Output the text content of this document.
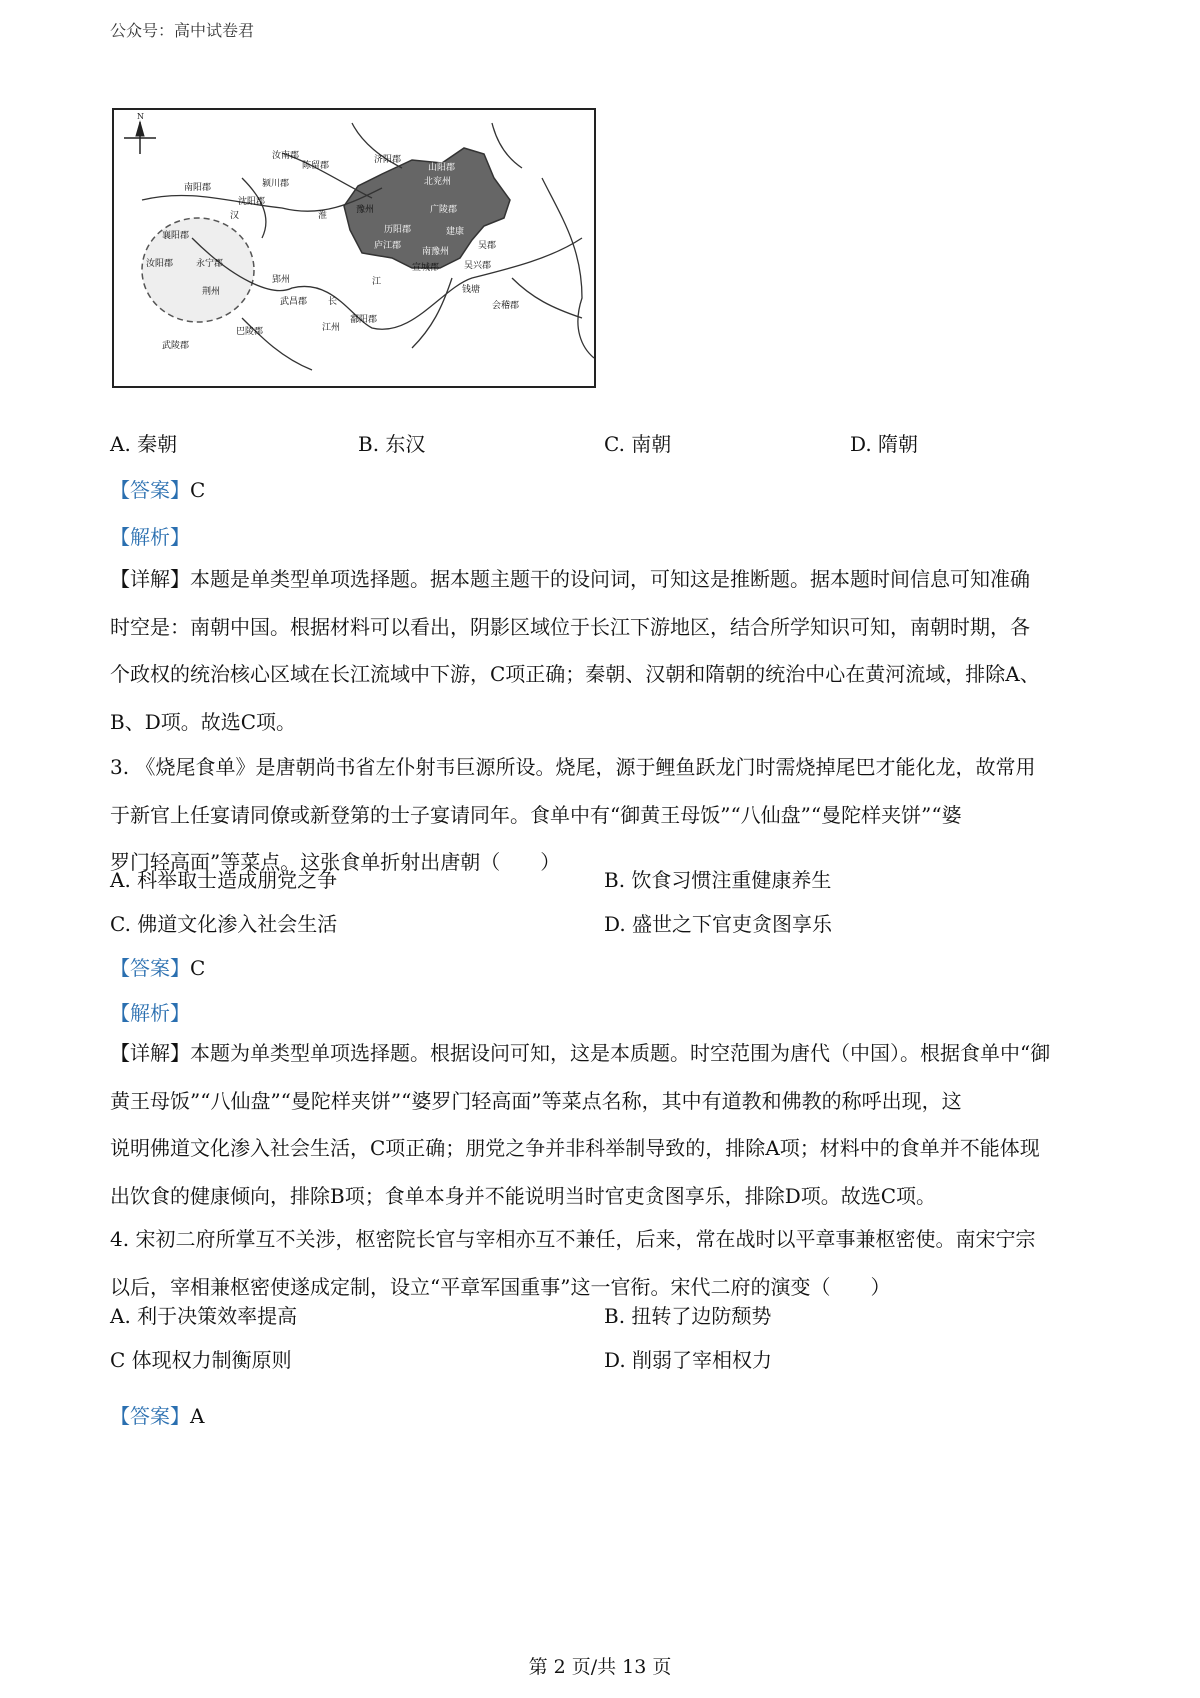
公众号：高中试卷君
N
济阳郡
陈留郡	山阳郡
北兖州
豫州	广陵郡
历阳郡
庐江郡
建康
南豫州
吴郡
吴兴郡
宣城郡
钱塘
会稽郡
襄阳郡
汝阳郡	永宁郡
荆州
郢州
武昌郡
江州
鄱阳郡
巴陵郡
武陵郡
南阳郡	颍川郡
汝南郡
沈阳郡
长
江
淮
汉
A. 秦朝	B. 东汉	C. 南朝	D. 隋朝
【答案】C
【解析】
【详解】本题是单类型单项选择题。据本题主题干的设问词，可知这是推断题。据本题时间信息可知准确
时空是：南朝中国。根据材料可以看出，阴影区域位于长江下游地区，结合所学知识可知，南朝时期，各
个政权的统治核心区域在长江流域中下游，C项正确；秦朝、汉朝和隋朝的统治中心在黄河流域，排除A、
B、D项。故选C项。
3. 《烧尾食单》是唐朝尚书省左仆射韦巨源所设。烧尾，源于鲤鱼跃龙门时需烧掉尾巴才能化龙，故常用
于新官上任宴请同僚或新登第的士子宴请同年。食单中有“御黄王母饭”“八仙盘”“曼陀样夹饼”“婆
罗门轻高面”等菜点。这张食单折射出唐朝（　　）
A. 科举取士造成朋党之争	B. 饮食习惯注重健康养生
C. 佛道文化渗入社会生活	D. 盛世之下官吏贪图享乐
【答案】C
【解析】
【详解】本题为单类型单项选择题。根据设问可知，这是本质题。时空范围为唐代（中国）。根据食单中“御
黄王母饭”“八仙盘”“曼陀样夹饼”“婆罗门轻高面”等菜点名称，其中有道教和佛教的称呼出现，这
说明佛道文化渗入社会生活，C项正确；朋党之争并非科举制导致的，排除A项；材料中的食单并不能体现
出饮食的健康倾向，排除B项；食单本身并不能说明当时官吏贪图享乐，排除D项。故选C项。
4. 宋初二府所掌互不关涉，枢密院长官与宰相亦互不兼任，后来，常在战时以平章事兼枢密使。南宋宁宗
以后，宰相兼枢密使遂成定制，设立“平章军国重事”这一官衔。宋代二府的演变（　　）
A. 利于决策效率提高	B. 扭转了边防颓势
C 体现权力制衡原则	D. 削弱了宰相权力
【答案】A
第 2 页/共 13 页
